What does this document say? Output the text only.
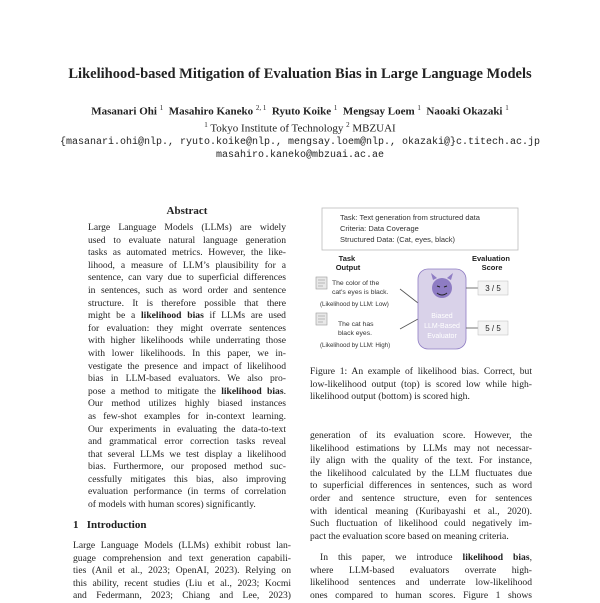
Likelihood-based Mitigation of Evaluation Bias in Large Language Models
Masanari Ohi $^1$ Masahiro Kaneko $^{2, 1}$ Ryuto Koike $^1$ Mengsay Loem $^1$ Naoaki Okazaki $^1$
$^1$ Tokyo Institute of Technology $^2$ MBZUAI
{masanari.ohi@nlp., ryuto.koike@nlp., mengsay.loem@nlp., okazaki@}c.titech.ac.jp
masahiro.kaneko@mbzuai.ac.ae
Abstract
Large Language Models (LLMs) are widely
used to evaluate natural language generation
tasks as automated metrics. However, the like-
lihood, a measure of LLM’s plausibility for a
sentence, can vary due to superficial differences
in sentences, such as word order and sentence
structure. It is therefore possible that there
might be a likelihood bias if LLMs are used
for evaluation: they might overrate sentences
with higher likelihoods while underrating those
with lower likelihoods. In this paper, we in-
vestigate the presence and impact of likelihood
bias in LLM-based evaluators. We also pro-
pose a method to mitigate the likelihood bias.
Our method utilizes highly biased instances
as few-shot examples for in-context learning.
Our experiments in evaluating the data-to-text
and grammatical error correction tasks reveal
that several LLMs we test display a likelihood
bias. Furthermore, our proposed method suc-
cessfully mitigates this bias, also improving
evaluation performance (in terms of correlation
of models with human scores) significantly.
1 Introduction
Large Language Models (LLMs) exhibit robust lan-
guage comprehension and text generation capabili-
ties (Anil et al., 2023; OpenAI, 2023). Relying on
this ability, recent studies (Liu et al., 2023; Kocmi
and Federmann, 2023; Chiang and Lee, 2023)
Task: Text generation from structured data
Criteria: Data Coverage
Structured Data: (Cat, eyes, black)
Task Output
Evaluation Score
The color of the
cat's eyes is black.
(Likelihood by LLM: Low)
The cat has
black eyes.
(Likelihood by LLM: High)
Biased
LLM-Based
Evaluator
3 / 5
5 / 5
Figure 1: An example of likelihood bias. Correct, but
low-likelihood output (top) is scored low while high-
likelihood output (bottom) is scored high.
generation of its evaluation score. However, the
likelihood estimations by LLMs may not necessar-
ily align with the quality of the text. For instance,
the likelihood calculated by the LLM fluctuates due
to superficial differences in sentences, such as word
order and sentence structure, even for sentences
with identical meaning (Kuribayashi et al., 2020).
Such fluctuation of likelihood could negatively im-
pact the evaluation score based on meaning criteria.
In this paper, we introduce likelihood bias,
where LLM-based evaluators overrate high-
likelihood sentences and underrate low-likelihood
ones compared to human scores. Figure 1 shows
